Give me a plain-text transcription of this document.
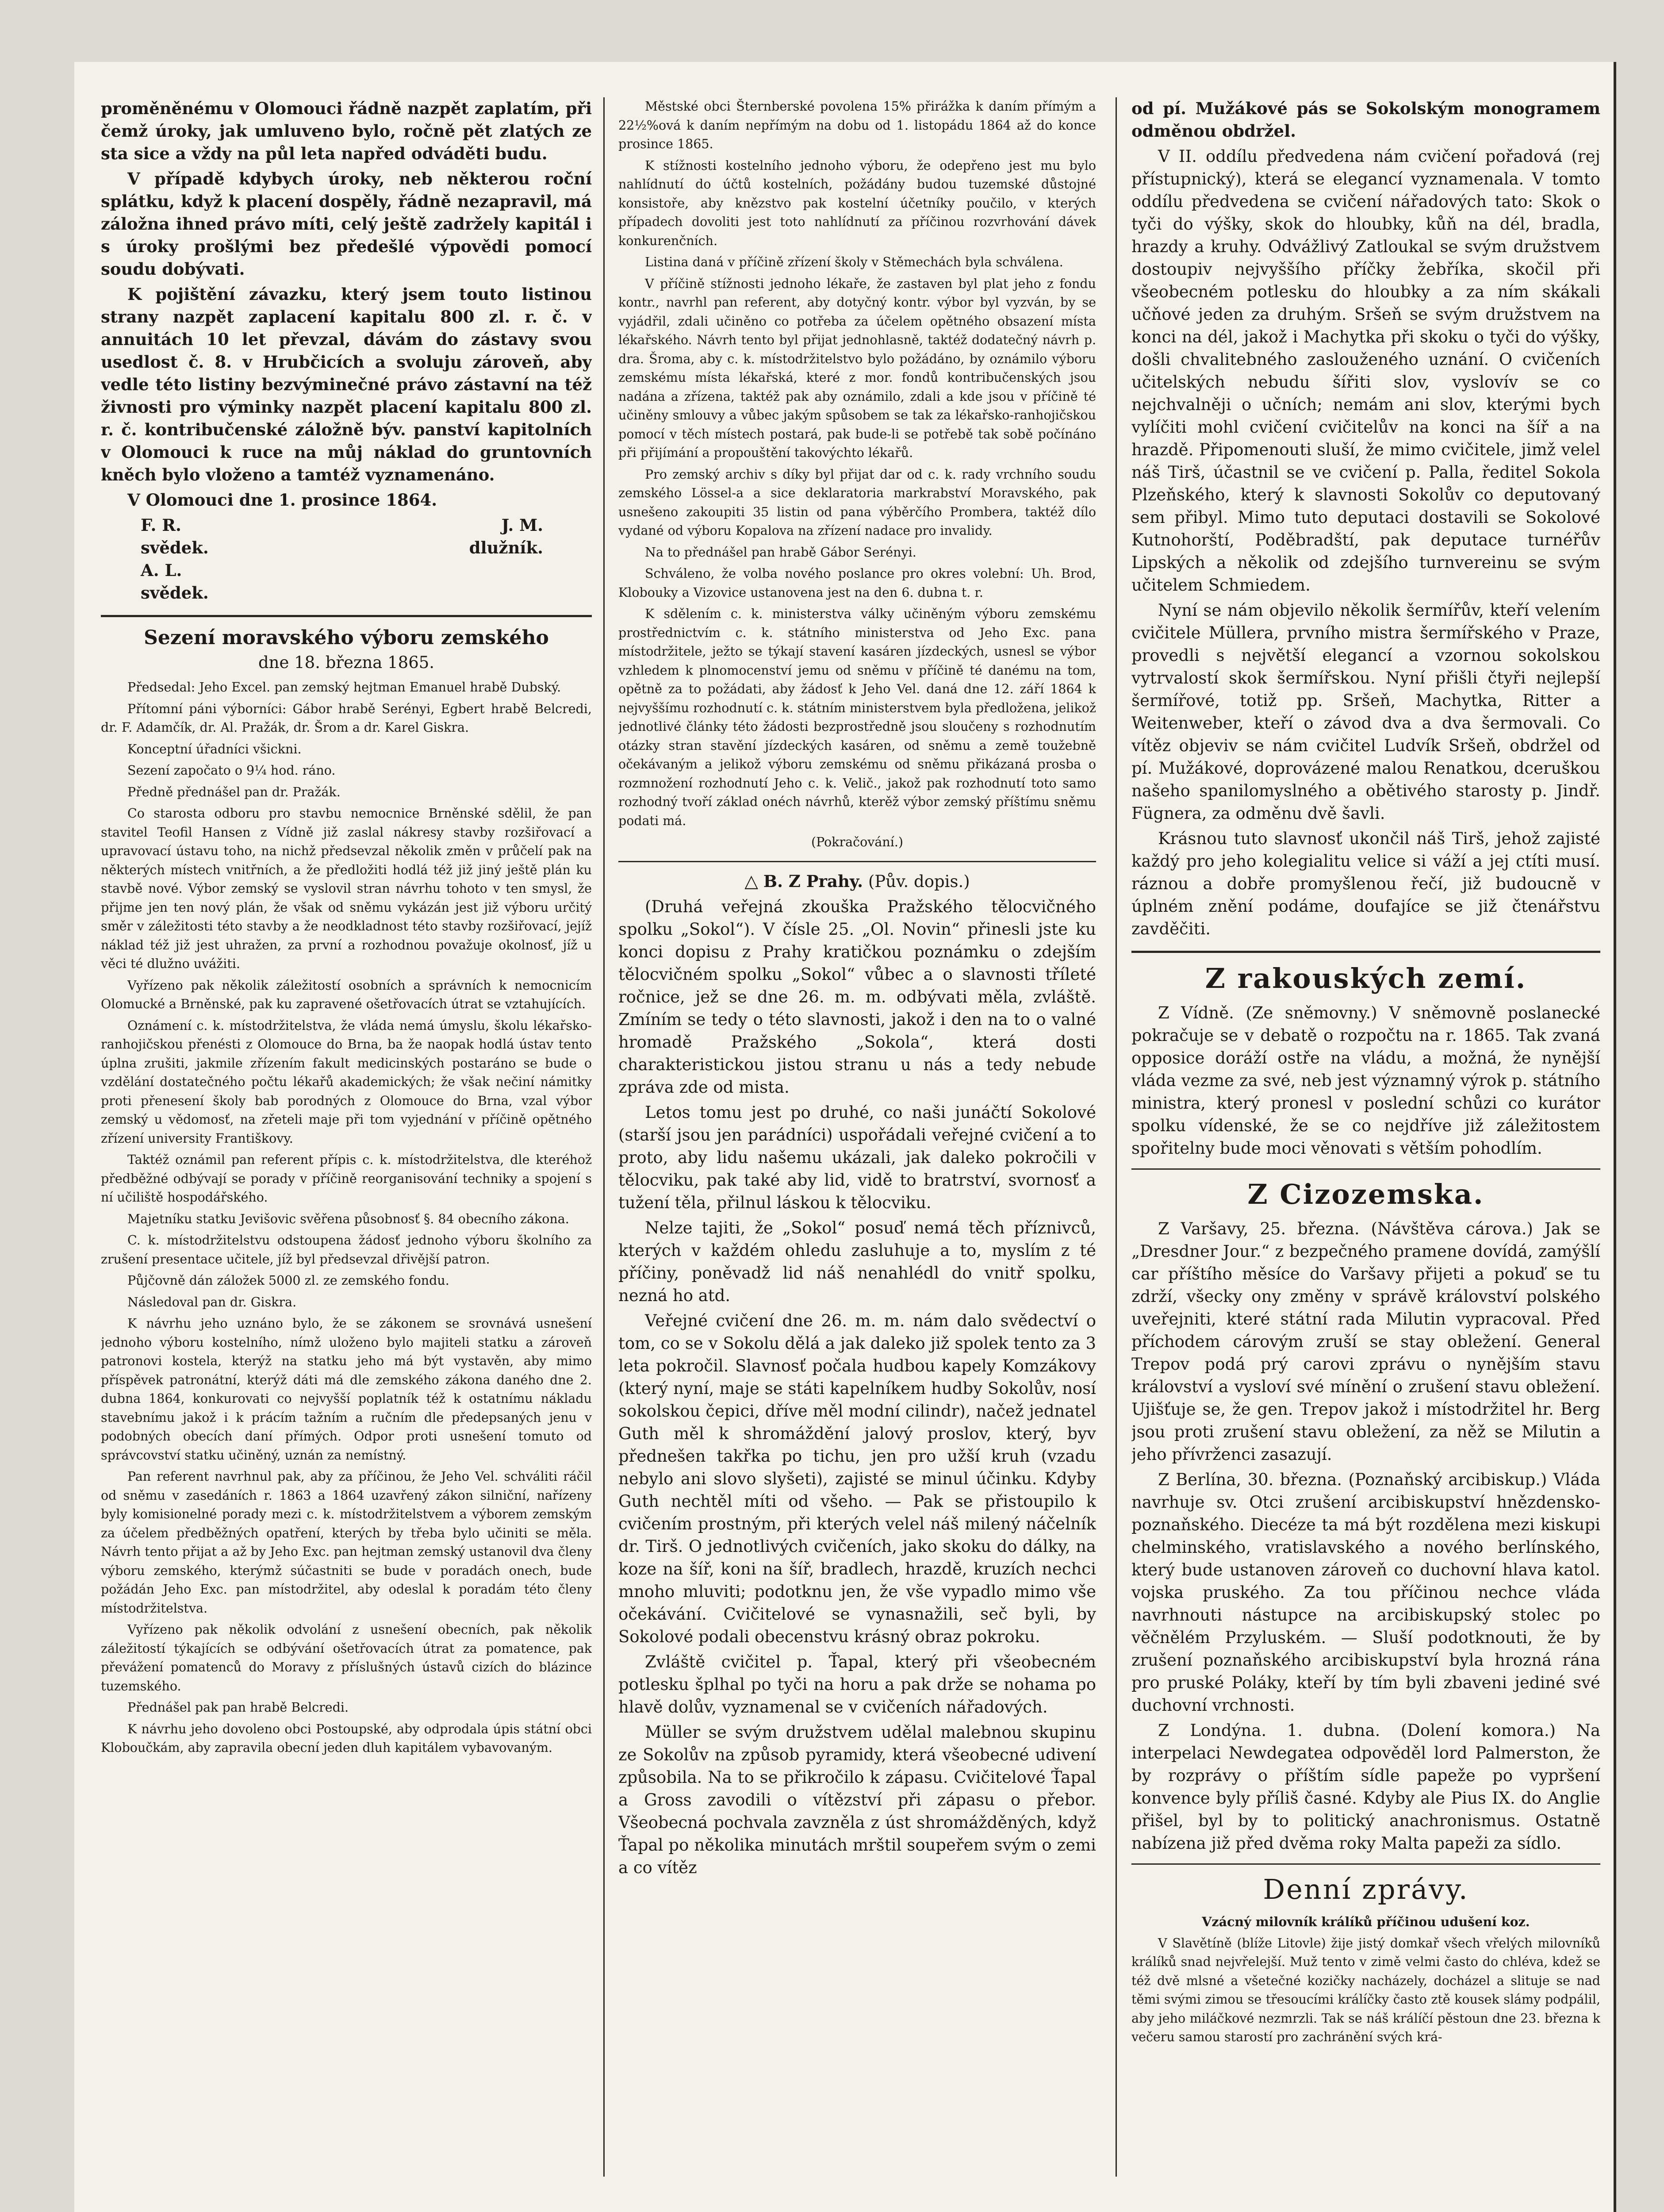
proměněnému v Olomouci řádně nazpět zaplatím, při čemž úroky, jak umluveno bylo, ročně pět zlatých ze sta sice a vždy na půl leta napřed odváděti budu.

V případě kdybych úroky, neb některou roční splátku, když k placení dospěly, řádně nezapravil, má záložna ihned právo míti, celý ještě zadržely kapitál i s úroky prošlými bez předešlé výpovědi pomocí soudu dobývati.

K pojištění závazku, který jsem touto listinou strany nazpět zaplacení kapitalu 800 zl. r. č. v annuitách 10 let převzal, dávám do zástavy svou usedlost č. 8. v Hrubčicích a svoluju zároveň, aby vedle této listiny bezvýminečné právo zástavní na též živnosti pro výminky nazpět placení kapitalu 800 zl. r. č. kontribučenské záložně býv. panství kapitolních v Olomouci k ruce na můj náklad do gruntovních kněch bylo vloženo a tamtéž vyznamenáno.

V Olomouci dne 1. prosince 1864.

F. R.	J. M.
svědek.	dlužník.
A. L.
svědek.
Sezení moravského výboru zemského
dne 18. března 1865.

Předsedal: Jeho Excel. pan zemský hejtman Emanuel hrabě Dubský.

Přítomní páni výborníci: Gábor hrabě Serényi, Egbert hrabě Belcredi, dr. F. Adamčík, dr. Al. Pražák, dr. Šrom a dr. Karel Giskra.

Konceptní úřadníci všickni.

Sezení započato o 9¼ hod. ráno.

Předně přednášel pan dr. Pražák.

Co starosta odboru pro stavbu nemocnice Brněnské sdělil, že pan stavitel Teofil Hansen z Vídně již zaslal nákresy stavby rozšiřovací a upravovací ústavu toho, na nichž předsevzal několik změn v průčelí pak na některých místech vnitřních, a že předložiti hodlá též již jiný ještě plán ku stavbě nové. Výbor zemský se vyslovil stran návrhu tohoto v ten smysl, že přijme jen ten nový plán, že však od sněmu vykázán jest již výboru určitý směr v záležitosti této stavby a že neodkladnost této stavby rozšiřovací, jejíž náklad též již jest uhražen, za první a rozhodnou považuje okolnosť, jíž u věci té dlužno uvážiti.

Vyřízeno pak několik záležitostí osobních a správních k nemocnicím Olomucké a Brněnské, pak ku zapravené ošetřovacích útrat se vztahujících.

Oznámení c. k. místodržitelstva, že vláda nemá úmyslu, školu lékařsko-ranhojičskou přenésti z Olomouce do Brna, ba že naopak hodlá ústav tento úplna zrušiti, jakmile zřízením fakult medicinských postaráno se bude o vzdělání dostatečného počtu lékařů akademických; že však nečiní námitky proti přenesení školy bab porodných z Olomouce do Brna, vzal výbor zemský u vědomosť, na zřeteli maje při tom vyjednání v příčině opětného zřízení university Františkovy.

Taktéž oznámil pan referent přípis c. k. místodržitelstva, dle kteréhož předběžné odbývají se porady v příčině reorganisování techniky a spojení s ní učiliště hospodářského.

Majetníku statku Jevišovic svěřena působnosť §. 84 obecního zákona.

C. k. místodržitelstvu odstoupena žádosť jednoho výboru školního za zrušení presentace učitele, jíž byl předsevzal dřivější patron.

Půjčovně dán záložek 5000 zl. ze zemského fondu.

Následoval pan dr. Giskra.

K návrhu jeho uznáno bylo, že se zákonem se srovnává usnešení jednoho výboru kostelního, nímž uloženo bylo majiteli statku a zároveň patronovi kostela, kterýž na statku jeho má být vystavěn, aby mimo příspěvek patronátní, kterýž dáti má dle zemského zákona daného dne 2. dubna 1864, konkurovati co nejvyšší poplatník též k ostatnímu nákladu stavebnímu jakož i k prácím tažním a ručním dle předepsaných jenu v podobných obecích daní přímých. Odpor proti usnešení tomuto od správcovství statku učiněný, uznán za nemístný.

Pan referent navrhnul pak, aby za příčinou, že Jeho Vel. schváliti ráčil od sněmu v zasedáních r. 1863 a 1864 uzavřený zákon silniční, nařízeny byly komisionelné porady mezi c. k. místodržitelstvem a výborem zemským za účelem předběžných opatření, kterých by třeba bylo učiniti se měla. Návrh tento přijat a až by Jeho Exc. pan hejtman zemský ustanovil dva členy výboru zemského, kterýmž súčastniti se bude v poradách onech, bude požádán Jeho Exc. pan místodržitel, aby odeslal k poradám této členy místodržitelstva.

Vyřízeno pak několik odvolání z usnešení obecních, pak několik záležitostí týkajících se odbývání ošetřovacích útrat za pomatence, pak převážení pomatenců do Moravy z příslušných ústavů cizích do blázince tuzemského.

Přednášel pak pan hrabě Belcredi.

K návrhu jeho dovoleno obci Postoupské, aby odprodala úpis státní obci Kloboučkám, aby zapravila obecní jeden dluh kapitálem vybavovaným.

Městské obci Šternberské povolena 15% přirážka k daním přímým a 22½%ová k daním nepřímým na dobu od 1. listopádu 1864 až do konce prosince 1865.

K stížnosti kostelního jednoho výboru, že odepřeno jest mu bylo nahlídnutí do účtů kostelních, požádány budou tuzemské důstojné konsistoře, aby knězstvo pak kostelní účetníky poučilo, v kterých případech dovoliti jest toto nahlídnutí za příčinou rozvrhování dávek konkurenčních.

Listina daná v příčině zřízení školy v Stěmechách byla schválena.

V příčině stížnosti jednoho lékaře, že zastaven byl plat jeho z fondu kontr., navrhl pan referent, aby dotyčný kontr. výbor byl vyzván, by se vyjádřil, zdali učiněno co potřeba za účelem opětného obsazení místa lékařského. Návrh tento byl přijat jednohlasně, taktéž dodatečný návrh p. dra. Šroma, aby c. k. místodržitelstvo bylo požádáno, by oznámilo výboru zemskému místa lékařská, které z mor. fondů kontribučenských jsou nadána a zřízena, taktéž pak aby oznámilo, zdali a kde jsou v příčině té učiněny smlouvy a vůbec jakým spůsobem se tak za lékařsko-ranhojičskou pomocí v těch místech postará, pak bude-li se potřebě tak sobě počínáno při přijímání a propouštění takovýchto lékařů.

Pro zemský archiv s díky byl přijat dar od c. k. rady vrchního soudu zemského Lössel-a a sice deklaratoria markrabství Moravského, pak usnešeno zakoupiti 35 listin od pana výběrčího Prombera, taktéž dílo vydané od výboru Kopalova na zřízení nadace pro invalidy.

Na to přednášel pan hrabě Gábor Serényi.

Schváleno, že volba nového poslance pro okres volební: Uh. Brod, Klobouky a Vizovice ustanovena jest na den 6. dubna t. r.

K sdělením c. k. ministerstva války učiněným výboru zemskému prostřednictvím c. k. státního ministerstva od Jeho Exc. pana místodržitele, ježto se týkají stavení kasáren jízdeckých, usnesl se výbor vzhledem k plnomocenství jemu od sněmu v příčině té danému na tom, opětně za to požádati, aby žádosť k Jeho Vel. daná dne 12. září 1864 k nejvyššímu rozhodnutí c. k. státním ministerstvem byla předložena, jelikož jednotlivé články této žádosti bezprostředně jsou sloučeny s rozhodnutím otázky stran stavění jízdeckých kasáren, od sněmu a země toužebně očekávaným a jelikož výboru zemskému od sněmu přikázaná prosba o rozmnožení rozhodnutí Jeho c. k. Velič., jakož pak rozhodnutí toto samo rozhodný tvoří základ onéch návrhů, kterěž výbor zemský příštímu sněmu podati má.

(Pokračování.)

△ B. Z Prahy. (Pův. dopis.)

(Druhá veřejná zkouška Pražského tělocvičného spolku „Sokol“). V čísle 25. „Ol. Novin“ přinesli jste ku konci dopisu z Prahy kratičkou poznámku o zdejším tělocvičném spolku „Sokol“ vůbec a o slavnosti tříleté ročnice, jež se dne 26. m. m. odbývati měla, zvláště. Zmíním se tedy o této slavnosti, jakož i den na to o valné hromadě Pražského „Sokola“, která dosti charakteristickou jistou stranu u nás a tedy nebude zpráva zde od mista.

Letos tomu jest po druhé, co naši junáčtí Sokolové (starší jsou jen parádníci) uspořádali veřejné cvičení a to proto, aby lidu našemu ukázali, jak daleko pokročili v tělocviku, pak také aby lid, vidě to bratrství, svornosť a tužení těla, přilnul láskou k tělocviku.

Nelze tajiti, že „Sokol“ posuď nemá těch příznivců, kterých v každém ohledu zasluhuje a to, myslím z té příčiny, poněvadž lid náš nenahlédl do vnitř spolku, nezná ho atd.

Veřejné cvičení dne 26. m. m. nám dalo svědectví o tom, co se v Sokolu dělá a jak daleko již spolek tento za 3 leta pokročil. Slavnosť počala hudbou kapely Komzákovy (který nyní, maje se státi kapelníkem hudby Sokolův, nosí sokolskou čepici, dříve měl modní cilindr), načež jednatel Guth měl k shromáždění jalový proslov, který, byv přednešen takřka po tichu, jen pro užší kruh (vzadu nebylo ani slovo slyšeti), zajisté se minul účinku. Kdyby Guth nechtěl míti od všeho. — Pak se přistoupilo k cvičením prostným, při kterých velel náš milený náčelník dr. Tirš. O jednotlivých cvičeních, jako skoku do dálky, na koze na šíř, koni na šíř, bradlech, hrazdě, kruzích nechci mnoho mluviti; podotknu jen, že vše vypadlo mimo vše očekávání. Cvičitelové se vynasnažili, seč byli, by Sokolové podali obecenstvu krásný obraz pokroku.

Zvláště cvičitel p. Ťapal, který při všeobecném potlesku šplhal po tyči na horu a pak drže se nohama po hlavě dolův, vyznamenal se v cvičeních nářadových.

Müller se svým družstvem udělal malebnou skupinu ze Sokolův na způsob pyramidy, která všeobecné udivení způsobila. Na to se přikročilo k zápasu. Cvičitelové Ťapal a Gross zavodili o vítězství při zápasu o přebor. Všeobecná pochvala zavzněla z úst shromážděných, když Ťapal po několika minutách mrštil soupeřem svým o zemi a co vítěz

od pí. Mužákové pás se Sokolským monogramem odměnou obdržel.

V II. oddílu předvedena nám cvičení pořadová (rej přístupnický), která se elegancí vyznamenala. V tomto oddílu předvedena se cvičení nářadových tato: Skok o tyči do výšky, skok do hloubky, kůň na dél, bradla, hrazdy a kruhy. Odvážlivý Zatloukal se svým družstvem dostoupiv nejvyššího příčky žebříka, skočil při všeobecném potlesku do hloubky a za ním skákali učňové jeden za druhým. Sršeň se svým družstvem na konci na dél, jakož i Machytka při skoku o tyči do výšky, došli chvalitebného zaslouženého uznání. O cvičeních učitelských nebudu šířiti slov, vyslovív se co nejchvalněji o učních; nemám ani slov, kterými bych vylíčiti mohl cvičení cvičitelův na konci na šíř a na hrazdě. Připomenouti sluší, že mimo cvičitele, jimž velel náš Tirš, účastnil se ve cvičení p. Palla, ředitel Sokola Plzeňského, který k slavnosti Sokolův co deputovaný sem přibyl. Mimo tuto deputaci dostavili se Sokolové Kutnohorští, Poděbradští, pak deputace turnéřův Lipských a několik od zdejšího turnvereinu se svým učitelem Schmiedem.

Nyní se nám objevilo několik šermířův, kteří velením cvičitele Müllera, prvního mistra šermířského v Praze, provedli s největší elegancí a vzornou sokolskou vytrvalostí skok šermířskou. Nyní přišli čtyři nejlepší šermířové, totiž pp. Sršeň, Machytka, Ritter a Weitenweber, kteří o závod dva a dva šermovali. Co vítěz objeviv se nám cvičitel Ludvík Sršeň, obdržel od pí. Mužákové, doprovázené malou Renatkou, dceruškou našeho spanilomyslného a obětivého starosty p. Jindř. Fügnera, za odměnu dvě šavli.

Krásnou tuto slavnosť ukončil náš Tirš, jehož zajisté každý pro jeho kolegialitu velice si váží a jej ctíti musí. ráznou a dobře promyšlenou řečí, již budoucně v úplném znění podáme, doufajíce se již čtenářstvu zavděčiti.

Z rakouských zemí.

Z Vídně. (Ze sněmovny.) V sněmovně poslanecké pokračuje se v debatě o rozpočtu na r. 1865. Tak zvaná opposice doráží ostře na vládu, a možná, že nynější vláda vezme za své, neb jest významný výrok p. státního ministra, který pronesl v poslední schůzi co kurátor spolku vídenské, že se co nejdříve již záležitostem spořitelny bude moci věnovati s větším pohodlím.

Z Cizozemska.

Z Varšavy, 25. března. (Návštěva cárova.) Jak se „Dresdner Jour.“ z bezpečného pramene dovídá, zamýšlí car příštího měsíce do Varšavy přijeti a pokuď se tu zdrží, všecky ony změny v správě království polského uveřejniti, které státní rada Milutin vypracoval. Před příchodem cárovým zruší se stay obležení. General Trepov podá prý carovi zprávu o nynějším stavu království a vysloví své mínění o zrušení stavu obležení. Ujišťuje se, že gen. Trepov jakož i místodržitel hr. Berg jsou proti zrušení stavu obležení, za něž se Milutin a jeho přívrženci zasazují.

Z Berlína, 30. března. (Poznaňský arcibiskup.) Vláda navrhuje sv. Otci zrušení arcibiskupství hnězdensko-poznaňského. Diecéze ta má být rozdělena mezi kiskupi chelminského, vratislavského a nového berlínského, který bude ustanoven zároveň co duchovní hlava katol. vojska pruského. Za tou příčinou nechce vláda navrhnouti nástupce na arcibiskupský stolec po věčnělém Przyluském. — Sluší podotknouti, že by zrušení poznaňského arcibiskupství byla hrozná rána pro pruské Poláky, kteří by tím byli zbaveni jediné své duchovní vrchnosti.

Z Londýna. 1. dubna. (Dolení komora.) Na interpelaci Newdegatea odpověděl lord Palmerston, že by rozprávy o příštím sídle papeže po vypršení konvence byly příliš časné. Kdyby ale Pius IX. do Anglie přišel, byl by to politický anachronismus. Ostatně nabízena již před dvěma roky Malta papeži za sídlo.

Denní zprávy.

Vzácný milovník králíků příčinou udušení koz.

V Slavětíně (blíže Litovle) žije jistý domkař všech vřelých milovníků králíků snad nejvřelejší. Muž tento v zimě velmi často do chléva, kdež se též dvě mlsné a všetečné kozičky nacházely, docházel a slituje se nad těmi svými zimou se třesoucími králíčky často ztě kousek slámy podpálil, aby jeho miláčkové nezmrzli. Tak se náš králíčí pěstoun dne 23. března k večeru samou starostí pro zachránění svých krá-
